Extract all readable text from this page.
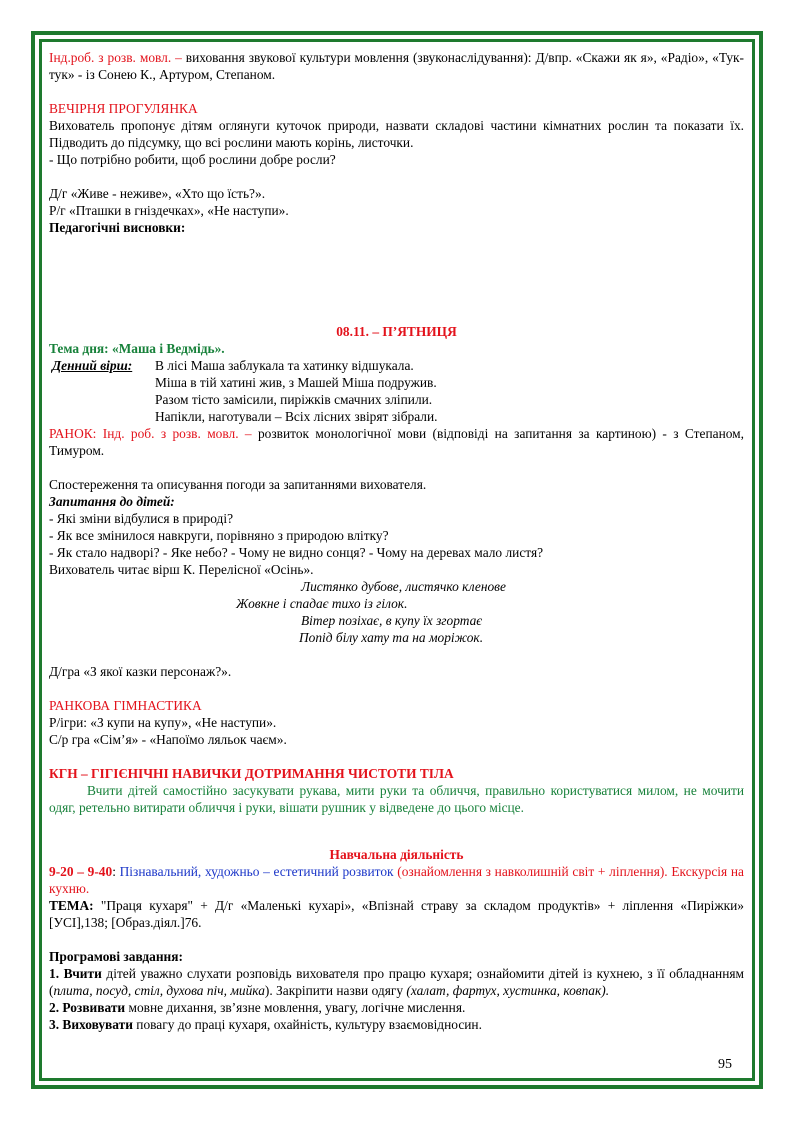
Інд.роб. з розв. мовл. – виховання звукової культури мовлення (звуконаслідування): Д/впр. «Скажи як я», «Радіо», «Тук-тук» - із Сонею К., Артуром, Степаном.

ВЕЧІРНЯ ПРОГУЛЯНКА

Вихователь пропонує дітям оглянуги куточок природи, назвати складові частини кімнатних рослин та показати їх. Підводить до підсумку, що всі рослини мають корінь, листочки.

- Що потрібно робити, щоб рослини добре росли?

Д/г «Живе - неживе», «Хто що їсть?».

Р/г «Пташки в гніздечках», «Не наступи».

Педагогічні висновки:

08.11. – П’ЯТНИЦЯ

Тема дня: «Маша і Ведмідь».

Денний вірш:	В лісі Маша заблукала та хатинку відшукала.
Міша в тій хатині жив, з Машей Міша подружив.
Разом тісто замісили, пиріжків смачних зліпили.
Напікли, наготували – Всіх лісних звірят зібрали.

РАНОК: Інд. роб. з розв. мовл. – розвиток монологічної мови (відповіді на запитання за картиною) - з Степаном, Тимуром.

Спостереження та описування погоди за запитаннями вихователя.

Запитання до дітей:

- Які зміни відбулися в природі?

- Як все змінилося навкруги, порівняно з природою влітку?

- Як стало надворі? - Яке небо? - Чому не видно сонця? - Чому на деревах мало листя?

Вихователь читає вірш К. Перелісної «Осінь».

Листянко дубове, листячко кленове

Жовкне і спадає тихо із гілок.

Вітер позіхає, в купу їх згортає

Попід білу хату та на моріжок.

Д/гра «З якої казки персонаж?».

РАНКОВА ГІМНАСТИКА

Р/ігри: «З купи на купу», «Не наступи».

С/р гра «Сім’я» - «Напоїмо ляльок чаєм».

КГН – ГІГІЄНІЧНІ НАВИЧКИ ДОТРИМАННЯ ЧИСТОТИ ТІЛА

Вчити дітей самостійно засукувати рукава, мити руки та обличчя, правильно користуватися милом, не мочити одяг, ретельно витирати обличчя і руки, вішати рушник у відведене до цього місце.

Навчальна діяльність

9-20 – 9-40: Пізнавальний, художньо – естетичний розвиток (ознайомлення з навколишній світ + ліплення). Екскурсія на кухню.

ТЕМА: "Праця кухаря" + Д/г «Маленькі кухарі», «Впізнай страву за складом продуктів» + ліплення «Пиріжки» [УСІ],138; [Образ.діял.]76.

Програмові завдання:

1. Вчити дітей уважно слухати розповідь вихователя про працю кухаря; ознайомити дітей із кухнею, з її обладнанням (плита, посуд, стіл, духова піч, мийка). Закріпити назви одягу (халат, фартух, хустинка, ковпак).

2. Розвивати мовне дихання, зв’язне мовлення, увагу, логічне мислення.

3. Виховувати повагу до праці кухаря, охайність, культуру взаємовідносин.

95
